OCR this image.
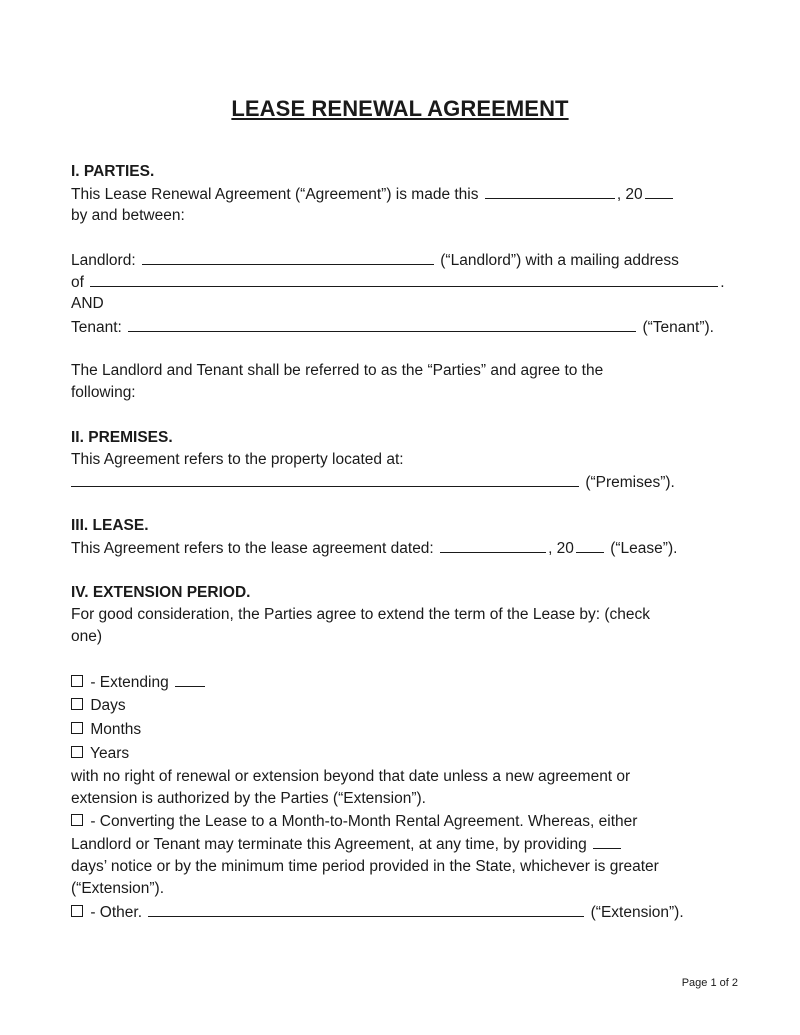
LEASE RENEWAL AGREEMENT
I. PARTIES.
This Lease Renewal Agreement (“Agreement”) is made this	, 20
by and between:
Landlord:	(“Landlord”) with a mailing address
of	.
AND
Tenant:	(“Tenant”).
The Landlord and Tenant shall be referred to as the “Parties” and agree to the
following:
II. PREMISES.
This Agreement refers to the property located at:
(“Premises”).
III. LEASE.
This Agreement refers to the lease agreement dated:	, 20 (“Lease”).
IV. EXTENSION PERIOD.
For good consideration, the Parties agree to extend the term of the Lease by: (check
one)
- Extending
Days
Months
Years
with no right of renewal or extension beyond that date unless a new agreement or
extension is authorized by the Parties (“Extension”).
- Converting the Lease to a Month-to-Month Rental Agreement. Whereas, either
Landlord or Tenant may terminate this Agreement, at any time, by providing
days’ notice or by the minimum time period provided in the State, whichever is greater
(“Extension”).
- Other.	(“Extension”).
Page 1 of 2
